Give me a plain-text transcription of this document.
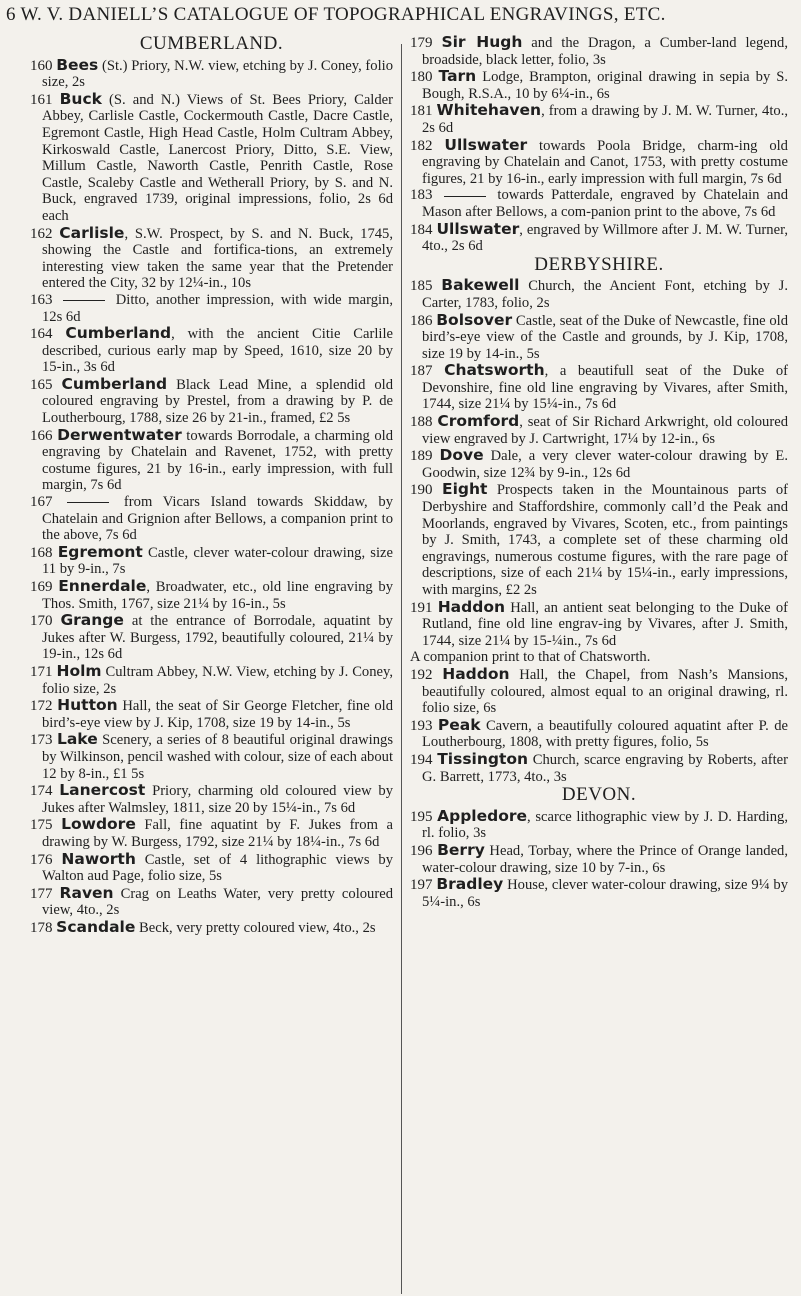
6 W. V. DANIELL’S CATALOGUE OF TOPOGRAPHICAL ENGRAVINGS, ETC.
CUMBERLAND.

160 Bees (St.) Priory, N.W. view, etching by J. Coney, folio size, 2s

161 Buck (S. and N.) Views of St. Bees Priory, Calder Abbey, Carlisle Castle, Cockermouth Castle, Dacre Castle, Egremont Castle, High Head Castle, Holm Cultram Abbey, Kirkoswald Castle, Lanercost Priory, Ditto, S.E. View, Millum Castle, Naworth Castle, Penrith Castle, Rose Castle, Scaleby Castle and Wetherall Priory, by S. and N. Buck, engraved 1739, original impressions, folio, 2s 6d each

162 Carlisle, S.W. Prospect, by S. and N. Buck, 1745, showing the Castle and fortifica-tions, an extremely interesting view taken the same year that the Pretender entered the City, 32 by 12¼-in., 10s

163	Ditto, another impression, with wide margin, 12s 6d

164 Cumberland, with the ancient Citie Carlile described, curious early map by Speed, 1610, size 20 by 15-in., 3s 6d

165 Cumberland Black Lead Mine, a splendid old coloured engraving by Prestel, from a drawing by P. de Loutherbourg, 1788, size 26 by 21-in., framed, £2 5s

166 Derwentwater towards Borrodale, a charming old engraving by Chatelain and Ravenet, 1752, with pretty costume figures, 21 by 16-in., early impression, with full margin, 7s 6d

167	from Vicars Island towards Skiddaw, by Chatelain and Grignion after Bellows, a companion print to the above, 7s 6d

168 Egremont Castle, clever water-colour drawing, size 11 by 9-in., 7s

169 Ennerdale, Broadwater, etc., old line engraving by Thos. Smith, 1767, size 21¼ by 16-in., 5s

170 Grange at the entrance of Borrodale, aquatint by Jukes after W. Burgess, 1792, beautifully coloured, 21¼ by 19-in., 12s 6d

171 Holm Cultram Abbey, N.W. View, etching by J. Coney, folio size, 2s

172 Hutton Hall, the seat of Sir George Fletcher, fine old bird’s-eye view by J. Kip, 1708, size 19 by 14-in., 5s

173 Lake Scenery, a series of 8 beautiful original drawings by Wilkinson, pencil washed with colour, size of each about 12 by 8-in., £1 5s

174 Lanercost Priory, charming old coloured view by Jukes after Walmsley, 1811, size 20 by 15¼-in., 7s 6d

175 Lowdore Fall, fine aquatint by F. Jukes from a drawing by W. Burgess, 1792, size 21¼ by 18¼-in., 7s 6d

176 Naworth Castle, set of 4 lithographic views by Walton aud Page, folio size, 5s

177 Raven Crag on Leaths Water, very pretty coloured view, 4to., 2s

178 Scandale Beck, very pretty coloured view, 4to., 2s

179 Sir Hugh and the Dragon, a Cumber-land legend, broadside, black letter, folio, 3s

180 Tarn Lodge, Brampton, original drawing in sepia by S. Bough, R.S.A., 10 by 6¼-in., 6s

181 Whitehaven, from a drawing by J. M. W. Turner, 4to., 2s 6d

182 Ullswater towards Poola Bridge, charm-ing old engraving by Chatelain and Canot, 1753, with pretty costume figures, 21 by 16-in., early impression with full margin, 7s 6d

183	towards Patterdale, engraved by Chatelain and Mason after Bellows, a com-panion print to the above, 7s 6d

184 Ullswater, engraved by Willmore after J. M. W. Turner, 4to., 2s 6d

DERBYSHIRE.

185 Bakewell Church, the Ancient Font, etching by J. Carter, 1783, folio, 2s

186 Bolsover Castle, seat of the Duke of Newcastle, fine old bird’s-eye view of the Castle and grounds, by J. Kip, 1708, size 19 by 14-in., 5s

187 Chatsworth, a beautifull seat of the Duke of Devonshire, fine old line engraving by Vivares, after Smith, 1744, size 21¼ by 15¼-in., 7s 6d

188 Cromford, seat of Sir Richard Arkwright, old coloured view engraved by J. Cartwright, 17¼ by 12-in., 6s

189 Dove Dale, a very clever water-colour drawing by E. Goodwin, size 12¾ by 9-in., 12s 6d

190 Eight Prospects taken in the Mountainous parts of Derbyshire and Staffordshire, commonly call’d the Peak and Moorlands, engraved by Vivares, Scoten, etc., from paintings by J. Smith, 1743, a complete set of these charming old engravings, numerous costume figures, with the rare page of descriptions, size of each 21¼ by 15¼-in., early impressions, with margins, £2 2s

191 Haddon Hall, an antient seat belonging to the Duke of Rutland, fine old line engrav-ing by Vivares, after J. Smith, 1744, size 21¼ by 15-¼in., 7s 6d

A companion print to that of Chatsworth.

192 Haddon Hall, the Chapel, from Nash’s Mansions, beautifully coloured, almost equal to an original drawing, rl. folio size, 6s

193 Peak Cavern, a beautifully coloured aquatint after P. de Loutherbourg, 1808, with pretty figures, folio, 5s

194 Tissington Church, scarce engraving by Roberts, after G. Barrett, 1773, 4to., 3s

DEVON.

195 Appledore, scarce lithographic view by J. D. Harding, rl. folio, 3s

196 Berry Head, Torbay, where the Prince of Orange landed, water-colour drawing, size 10 by 7-in., 6s

197 Bradley House, clever water-colour drawing, size 9¼ by 5¼-in., 6s
